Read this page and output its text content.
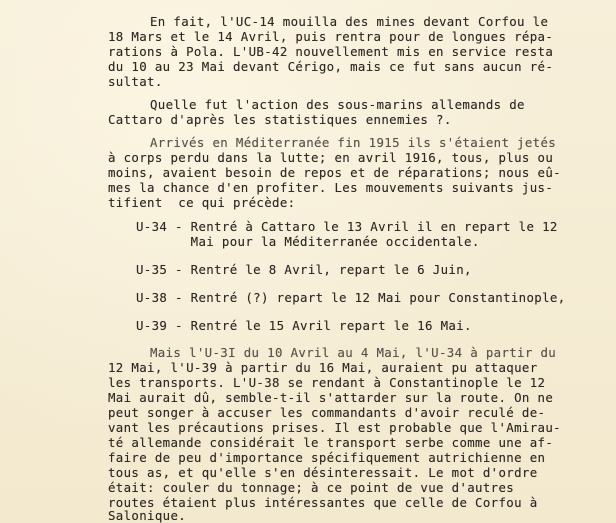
En fait, l'UC-14 mouilla des mines devant Corfou le
18 Mars et le 14 Avril, puis rentra pour de longues répa-
rations à Pola. L'UB-42 nouvellement mis en service resta
du 10 au 23 Mai devant Cérigo, mais ce fut sans aucun ré-
sultat.
Quelle fut l'action des sous-marins allemands de
Cattaro d'après les statistiques ennemies ?.
Arrivés en Méditerranée fin 1915 ils s'étaient jetés
à corps perdu dans la lutte; en avril 1916, tous, plus ou
moins, avaient besoin de repos et de réparations; nous eû-
mes la chance d'en profiter. Les mouvements suivants jus-
tifient  ce qui précède:
U-34 - Rentré à Cattaro le 13 Avril il en repart le 12
Mai pour la Méditerranée occidentale.
U-35 - Rentré le 8 Avril, repart le 6 Juin,
U-38 - Rentré (?) repart le 12 Mai pour Constantinople,
U-39 - Rentré le 15 Avril repart le 16 Mai.
Mais l'U-3I du 10 Avril au 4 Mai, l'U-34 à partir du
12 Mai, l'U-39 à partir du 16 Mai, auraient pu attaquer
les transports. L'U-38 se rendant à Constantinople le 12
Mai aurait dû, semble-t-il s'attarder sur la route. On ne
peut songer à accuser les commandants d'avoir reculé de-
vant les précautions prises. Il est probable que l'Amirau-
té allemande considérait le transport serbe comme une af-
faire de peu d'importance spécifiquement autrichienne en
tous as, et qu'elle s'en désinteressait. Le mot d'ordre
était: couler du tonnage; à ce point de vue d'autres
routes étaient plus intéressantes que celle de Corfou à
Salonique.
